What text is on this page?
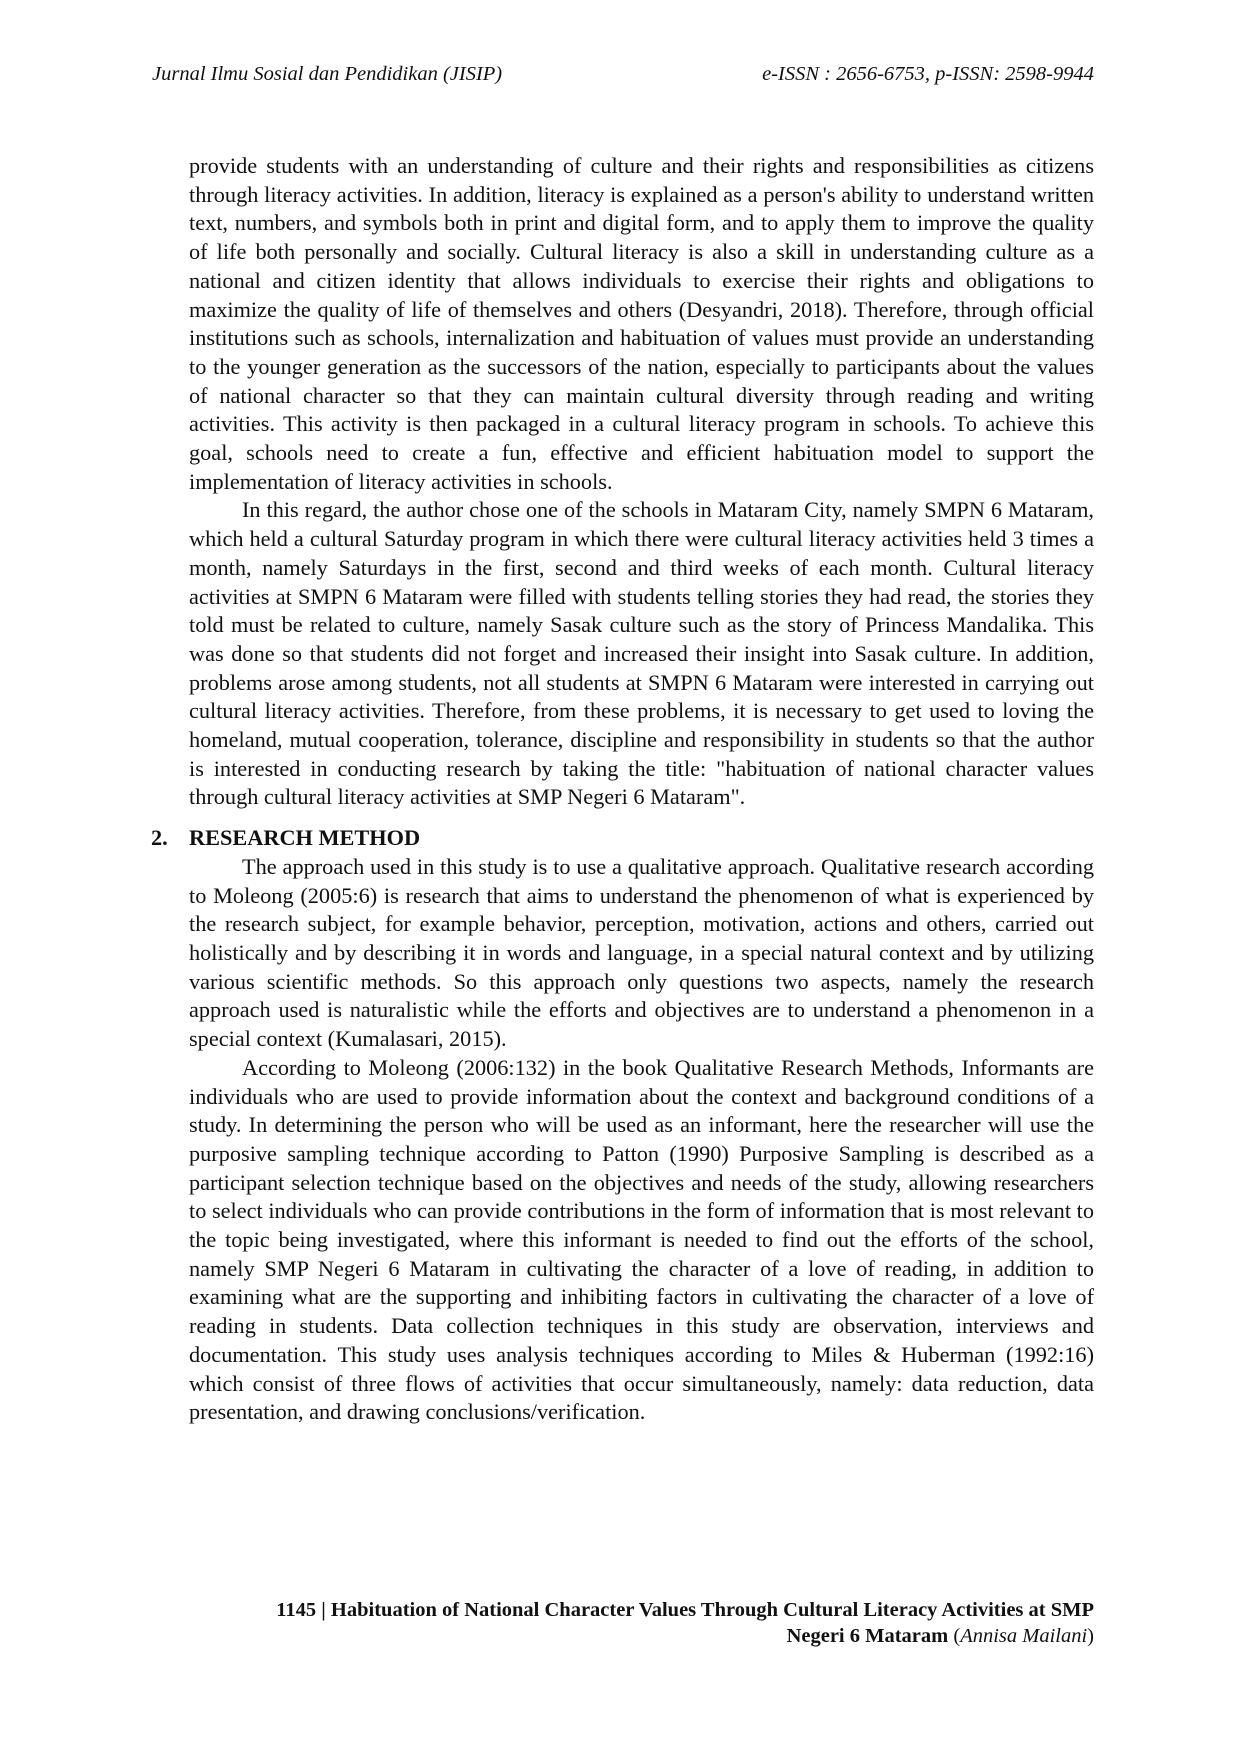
Jurnal Ilmu Sosial dan Pendidikan (JISIP)	e-ISSN : 2656-6753, p-ISSN: 2598-9944

provide students with an understanding of culture and their rights and responsibilities as citizens through literacy activities. In addition, literacy is explained as a person's ability to understand written text, numbers, and symbols both in print and digital form, and to apply them to improve the quality of life both personally and socially. Cultural literacy is also a skill in understanding culture as a national and citizen identity that allows individuals to exercise their rights and obligations to maximize the quality of life of themselves and others (Desyandri, 2018). Therefore, through official institutions such as schools, internalization and habituation of values must provide an understanding to the younger generation as the successors of the nation, especially to participants about the values of national character so that they can maintain cultural diversity through reading and writing activities. This activity is then packaged in a cultural literacy program in schools. To achieve this goal, schools need to create a fun, effective and efficient habituation model to support the implementation of literacy activities in schools.

In this regard, the author chose one of the schools in Mataram City, namely SMPN 6 Mataram, which held a cultural Saturday program in which there were cultural literacy activities held 3 times a month, namely Saturdays in the first, second and third weeks of each month. Cultural literacy activities at SMPN 6 Mataram were filled with students telling stories they had read, the stories they told must be related to culture, namely Sasak culture such as the story of Princess Mandalika. This was done so that students did not forget and increased their insight into Sasak culture. In addition, problems arose among students, not all students at SMPN 6 Mataram were interested in carrying out cultural literacy activities. Therefore, from these problems, it is necessary to get used to loving the homeland, mutual cooperation, tolerance, discipline and responsibility in students so that the author is interested in conducting research by taking the title: "habituation of national character values through cultural literacy activities at SMP Negeri 6 Mataram".

2. RESEARCH METHOD

The approach used in this study is to use a qualitative approach. Qualitative research according to Moleong (2005:6) is research that aims to understand the phenomenon of what is experienced by the research subject, for example behavior, perception, motivation, actions and others, carried out holistically and by describing it in words and language, in a special natural context and by utilizing various scientific methods. So this approach only questions two aspects, namely the research approach used is naturalistic while the efforts and objectives are to understand a phenomenon in a special context (Kumalasari, 2015).

According to Moleong (2006:132) in the book Qualitative Research Methods, Informants are individuals who are used to provide information about the context and background conditions of a study. In determining the person who will be used as an informant, here the researcher will use the purposive sampling technique according to Patton (1990) Purposive Sampling is described as a participant selection technique based on the objectives and needs of the study, allowing researchers to select individuals who can provide contributions in the form of information that is most relevant to the topic being investigated, where this informant is needed to find out the efforts of the school, namely SMP Negeri 6 Mataram in cultivating the character of a love of reading, in addition to examining what are the supporting and inhibiting factors in cultivating the character of a love of reading in students. Data collection techniques in this study are observation, interviews and documentation. This study uses analysis techniques according to Miles & Huberman (1992:16) which consist of three flows of activities that occur simultaneously, namely: data reduction, data presentation, and drawing conclusions/verification.

1145 | Habituation of National Character Values Through Cultural Literacy Activities at SMP
Negeri 6 Mataram (Annisa Mailani)
